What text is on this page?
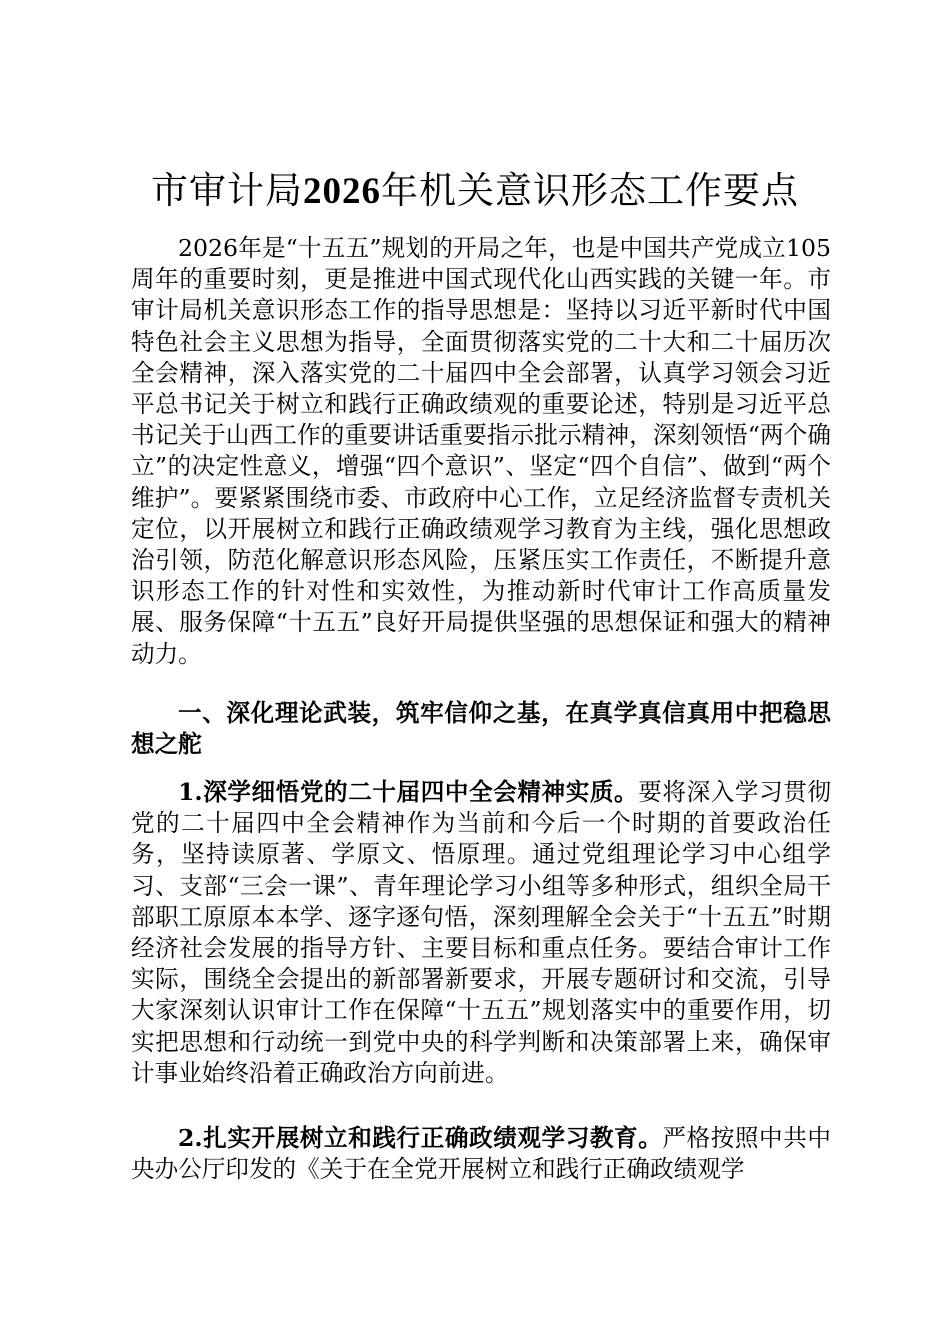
市审计局2026年机关意识形态工作要点

2026年是“十五五”规划的开局之年，也是中国共产党成立105周年的重要时刻，更是推进中国式现代化山西实践的关键一年。市审计局机关意识形态工作的指导思想是：坚持以习近平新时代中国特色社会主义思想为指导，全面贯彻落实党的二十大和二十届历次全会精神，深入落实党的二十届四中全会部署，认真学习领会习近平总书记关于树立和践行正确政绩观的重要论述，特别是习近平总书记关于山西工作的重要讲话重要指示批示精神，深刻领悟“两个确立”的决定性意义，增强“四个意识”、坚定“四个自信”、做到“两个维护”。要紧紧围绕市委、市政府中心工作，立足经济监督专责机关定位，以开展树立和践行正确政绩观学习教育为主线，强化思想政治引领，防范化解意识形态风险，压紧压实工作责任，不断提升意识形态工作的针对性和实效性，为推动新时代审计工作高质量发展、服务保障“十五五”良好开局提供坚强的思想保证和强大的精神动力。

一、深化理论武装，筑牢信仰之基，在真学真信真用中把稳思想之舵

1.深学细悟党的二十届四中全会精神实质。要将深入学习贯彻党的二十届四中全会精神作为当前和今后一个时期的首要政治任务，坚持读原著、学原文、悟原理。通过党组理论学习中心组学习、支部“三会一课”、青年理论学习小组等多种形式，组织全局干部职工原原本本学、逐字逐句悟，深刻理解全会关于“十五五”时期经济社会发展的指导方针、主要目标和重点任务。要结合审计工作实际，围绕全会提出的新部署新要求，开展专题研讨和交流，引导大家深刻认识审计工作在保障“十五五”规划落实中的重要作用，切实把思想和行动统一到党中央的科学判断和决策部署上来，确保审计事业始终沿着正确政治方向前进。

2.扎实开展树立和践行正确政绩观学习教育。严格按照中共中央办公厅印发的《关于在全党开展树立和践行正确政绩观学
